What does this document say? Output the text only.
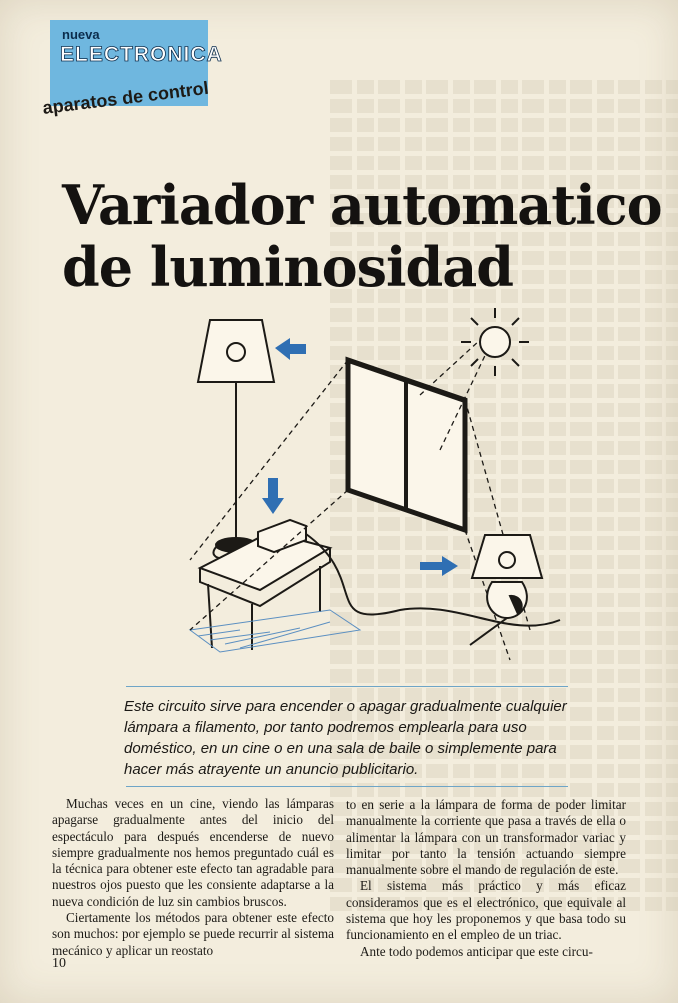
nueva
ELECTRONICA
aparatos de control
Variador automatico
de luminosidad
Este circuito sirve para encender o apagar gradualmente cualquier lámpara a filamento, por tanto podremos emplearla para uso doméstico, en un cine o en una sala de baile o simplemente para hacer más atrayente un anuncio publicitario.

Muchas veces en un cine, viendo las lámparas apagarse gradualmente antes del inicio del espectáculo para después encenderse de nuevo siempre gradualmente nos hemos preguntado cuál es la técnica para obtener este efecto tan agradable para nuestros ojos puesto que les consiente adaptarse a la nueva condición de luz sin cambios bruscos.

Ciertamente los métodos para obtener este efecto son muchos: por ejemplo se puede recurrir al sistema mecánico y aplicar un reostato

to en serie a la lámpara de forma de poder limitar manualmente la corriente que pasa a través de ella o alimentar la lámpara con un transformador variac y limitar por tanto la tensión actuando siempre manualmente sobre el mando de regulación de este.

El sistema más práctico y más eficaz consideramos que es el electrónico, que equivale al sistema que hoy les proponemos y que basa todo su funcionamiento en el empleo de un triac.

Ante todo podemos anticipar que este circu-

10
